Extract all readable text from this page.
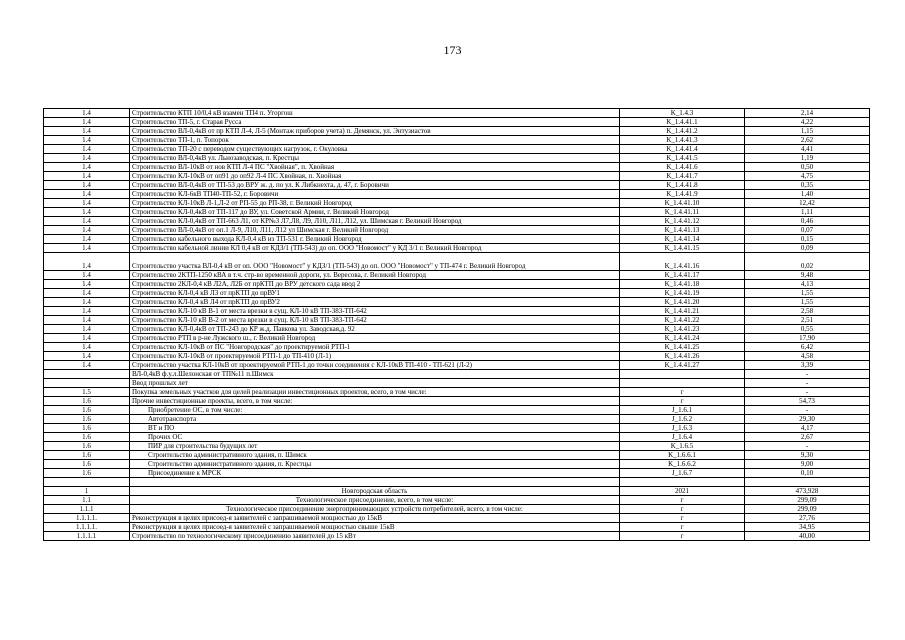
173
1.4	Строительство КТП 10/0,4 кВ взамен ТП4 п. Угоргош	K_1.4.3	2,14
1.4	Строительство ТП-5, г. Старая Русса	K_1.4.41.1	4,22
1.4	Строительство ВЛ-0,4кВ от пр КТП Л-4, Л-5 (Монтаж приборов учета) п. Демянск, ул. Энтузиастов	K_1.4.41.2	1,15
1.4	Строительство ТП-1, п. Топорок	K_1.4.41.3	2,62
1.4	Строительство ТП-20 с переводом существующих нагрузок, г. Окуловка	K_1.4.41.4	4,41
1.4	Строительство ВЛ-0,4кВ ул. Льнозаводская, п. Крестцы	K_1.4.41.5	1,19
1.4	Строительство ВЛ-10кВ от нов КТП Л-4 ПС "Хвойная", п. Хвойная	K_1.4.41.6	0,50
1.4	Строительство КЛ-10кВ от оп91 до оп92 Л-4 ПС Хвойная, п. Хвойная	K_1.4.41.7	4,75
1.4	Строительство ВЛ-0,4кВ от ТП-53 до ВРУ ж. д. по ул. К Либкнехта, д. 47, г. Боровичи	K_1.4.41.8	0,35
1.4	Строительство КЛ-6кВ ТП40-ТП-52, г. Боровичи	K_1.4.41.9	1,40
1.4	Строительство КЛ-10кВ Л-1,Л-2 от РП-55 до РП-38, г. Великий Новгород	K_1.4.41.10	12,42
1.4	Строительство КЛ-0,4кВ от ТП-117 до ВУ, ул. Советской Армии, г. Великий Новгород	K_1.4.41.11	1,11
1.4	Строительство КЛ-0,4кВ от ТП-663 Л1, от КР№3 Л7,Л8, Л9, Л10, Л11, Л12, ул. Шимская г. Великий Новгород	K_1.4.41.12	0,46
1.4	Строительство ВЛ-0,4кВ от оп.1 Л-9, Л10, Л11, Л12 ул Шимская г. Великий Новгород	K_1.4.41.13	0,07
1.4	Строительство кабельного выхода КЛ-0,4 кВ из ТП-531 г. Великий Новгород	K_1.4.41.14	0,15
1.4	Строительство кабельной линии КЛ 0,4 кВ от КДЗ/1 (ТП-543) до оп. ООО "Новомост" у КД 3/1 г. Великий Новгород	K_1.4.41.15	0,09
1.4	Строительство участка ВЛ-0,4 кВ от оп. ООО "Новомост" у КДЗ/1 (ТП-543) до оп. ООО "Новомост" у ТП-474 г. Великий Новгород	K_1.4.41.16	0,02
1.4	Строительство 2КТП-1250 кВА в т.ч. стр-во временной дороги, ул. Вересова, г. Великий Новгород	K_1.4.41.17	9,48
1.4	Строительство 2КЛ-0,4 кВ Л2А, Л2Б от прКТП до ВРУ детского сада ввод 2	K_1.4.41.18	4,13
1.4	Строительство КЛ-0,4 кВ Л3 от прКТП до прВУ1	K_1.4.41.19	1,55
1.4	Строительство КЛ-0,4 кВ Л4 от прКТП до прВУ2	K_1.4.41.20	1,55
1.4	Строительство КЛ-10 кВ В-1 от места врезки в сущ. КЛ-10 кВ ТП-383-ТП-642	K_1.4.41.21	2,58
1.4	Строительство КЛ-10 кВ В-2 от места врезки в сущ. КЛ-10 кВ ТП-383-ТП-642	K_1.4.41.22	2,51
1.4	Строительство КЛ-0,4кВ от ТП-243 до КР ж.д. Павкова ул. Заводская,д. 92	K_1.4.41.23	0,55
1.4	Строительство РТП в р-не Лужского ш., г. Великий Новгород	K_1.4.41.24	17,90
1.4	Строительство КЛ-10кВ от ПС "Новгородская" до проектируемой РТП-1	K_1.4.41.25	6,42
1.4	Строительство КЛ-10кВ от проектируемой РТП-1 до ТП-410 (Л-1)	K_1.4.41.26	4,58
1.4	Строительство участка КЛ-10кВ от проектируемой РТП-1 до точки соединения с КЛ-10кВ ТП-410 - ТП-621 (Л-2)	K_1.4.41.27	3,39
	ВЛ-0,4кВ ф.у.л.Шелонская от ТП№11 п.Шимск		-
	Ввод прошлых лет		-
1.5	Покупка земельных участков для целей реализации инвестиционных проектов, всего, в том числе:	г	-
1.6	Прочие инвестиционные проекты, всего, в том числе:	г	54,73
1.6	Приобретение ОС, в том числе:	J_1.6.1	-
1.6	Автотранспорта	J_1.6.2	29,30
1.6	ВТ и ПО	J_1.6.3	4,17
1.6	Прочих ОС	J_1.6.4	2,67
1.6	ПИР для строительства будущих лет	K_1.6.5	-
1.6	Строительство административного здания, п. Шимск	K_1.6.6.1	9,30
1.6	Строительство административного здания, п. Крестцы	K_1.6.6.2	9,00
1.6	Присоединение к МРСК	J_1.6.7	0,10

1	Новгородская область	2021	473,928
1.1	Технологическое присоединение, всего, в том числе:	г	299,09
1.1.1	Технологическое присоединение энергопринимающих устройств потребителей, всего, в том числе:	г	299,09
1.1.1.1.	Реконструкция в целях присоед-я заявителей с запрашиваемой мощностью до 15кВ	г	27,76
1.1.1.1.	Реконструкция в целях присоед-я заявителей с запрашиваемой мощностью свыше 15кВ	г	34,95
1.1.1.1	Строительство по технологическому присоединению заявителей до 15 кВт	г	40,00
